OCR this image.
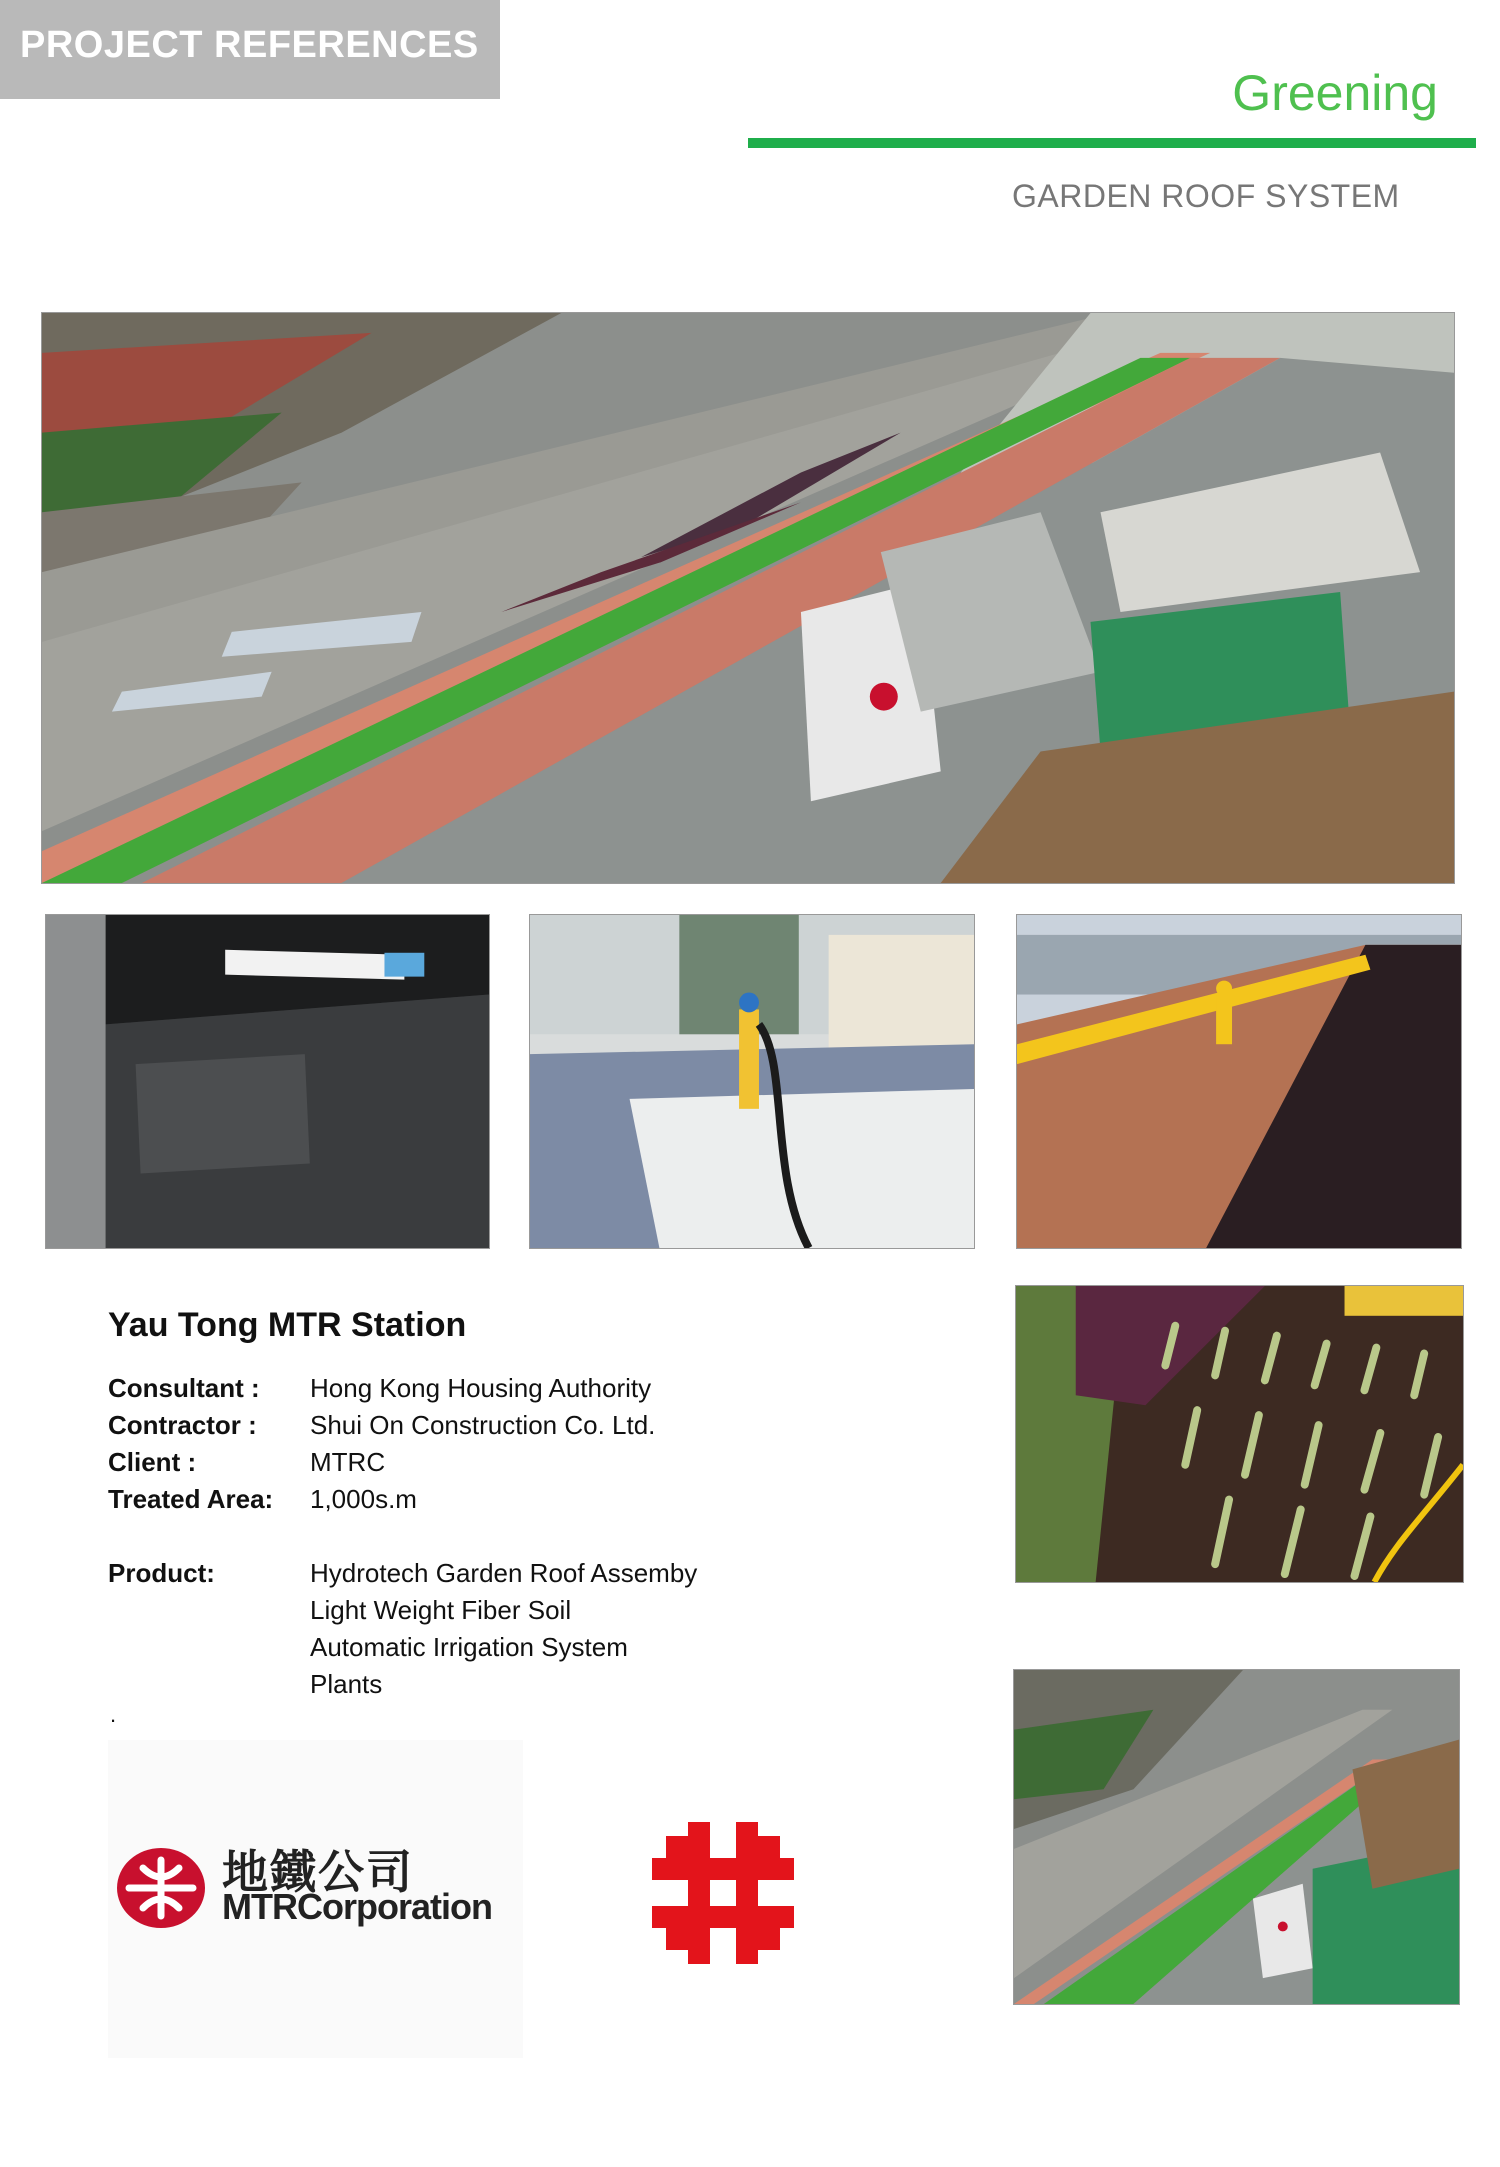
PROJECT REFERENCES
Greening
GARDEN ROOF SYSTEM
Yau Tong MTR Station
Consultant :	Hong Kong Housing Authority
Contractor :	Shui On Construction Co. Ltd.
Client :	MTRC
Treated Area:	1,000s.m
Product:	Hydrotech Garden Roof Assemby
Light Weight Fiber Soil
Automatic Irrigation System
Plants
.
地鐵公司
MTRCorporation
